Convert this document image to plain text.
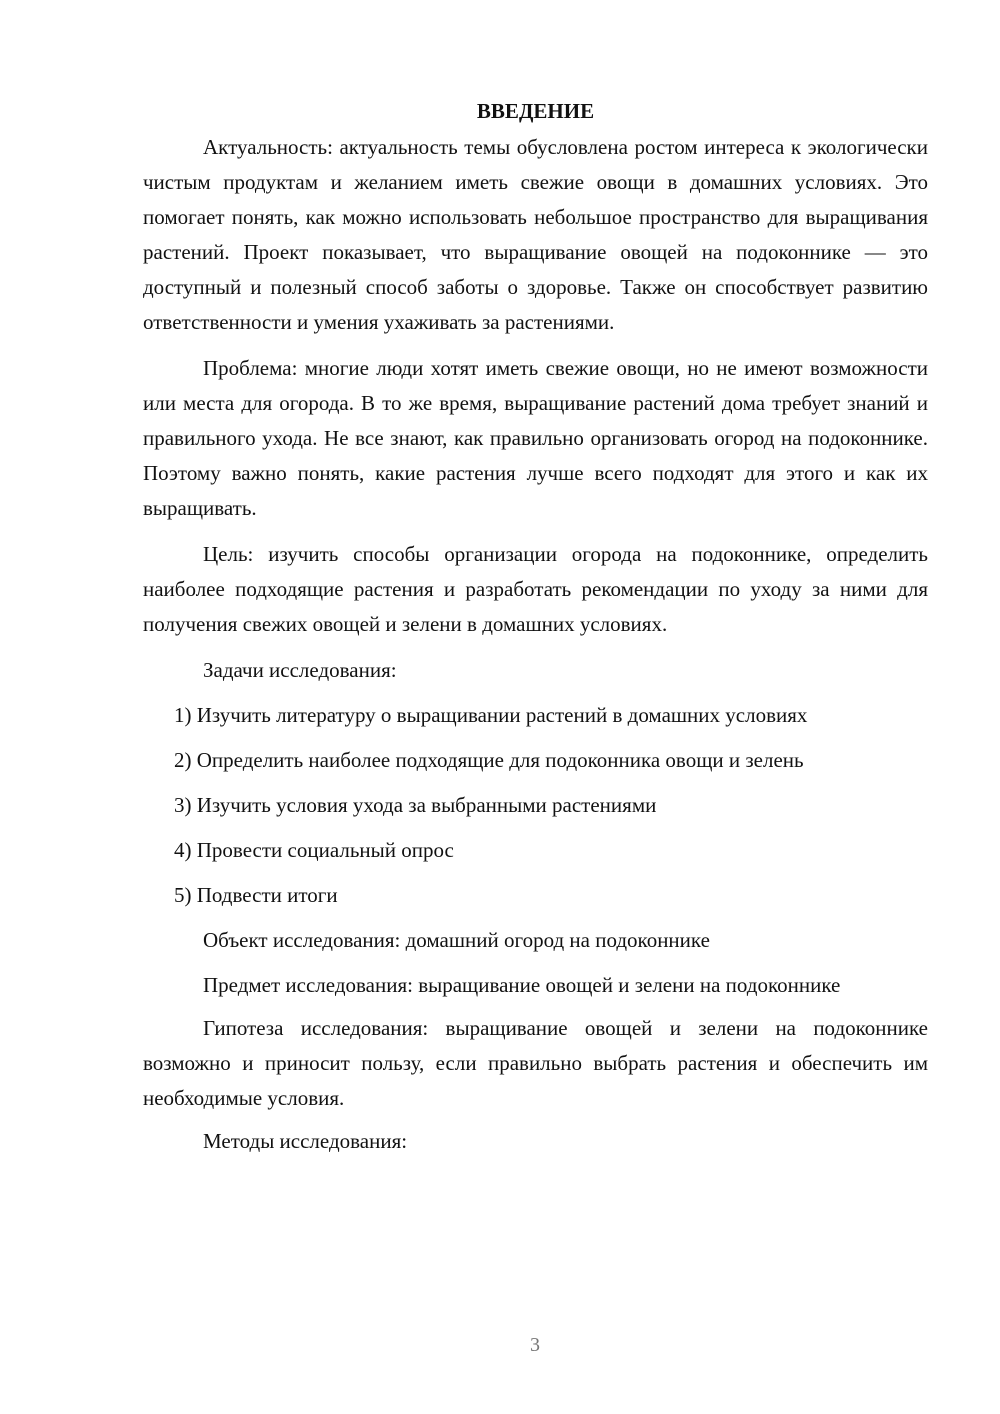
ВВЕДЕНИЕ

Актуальность: актуальность темы обусловлена ростом интереса к экологически чистым продуктам и желанием иметь свежие овощи в домашних условиях. Это помогает понять, как можно использовать небольшое пространство для выращивания растений. Проект показывает, что выращивание овощей на подоконнике — это доступный и полезный способ заботы о здоровье. Также он способствует развитию ответственности и умения ухаживать за растениями.

Проблема: многие люди хотят иметь свежие овощи, но не имеют возможности или места для огорода. В то же время, выращивание растений дома требует знаний и правильного ухода. Не все знают, как правильно организовать огород на подоконнике. Поэтому важно понять, какие растения лучше всего подходят для этого и как их выращивать.

Цель: изучить способы организации огорода на подоконнике, определить наиболее подходящие растения и разработать рекомендации по уходу за ними для получения свежих овощей и зелени в домашних условиях.

Задачи исследования:

1) Изучить литературу о выращивании растений в домашних условиях
2) Определить наиболее подходящие для подоконника овощи и зелень
3) Изучить условия ухода за выбранными растениями
4) Провести социальный опрос
5) Подвести итоги

Объект исследования: домашний огород на подоконнике

Предмет исследования: выращивание овощей и зелени на подоконнике

Гипотеза исследования: выращивание овощей и зелени на подоконнике возможно и приносит пользу, если правильно выбрать растения и обеспечить им необходимые условия.

Методы исследования:

3
